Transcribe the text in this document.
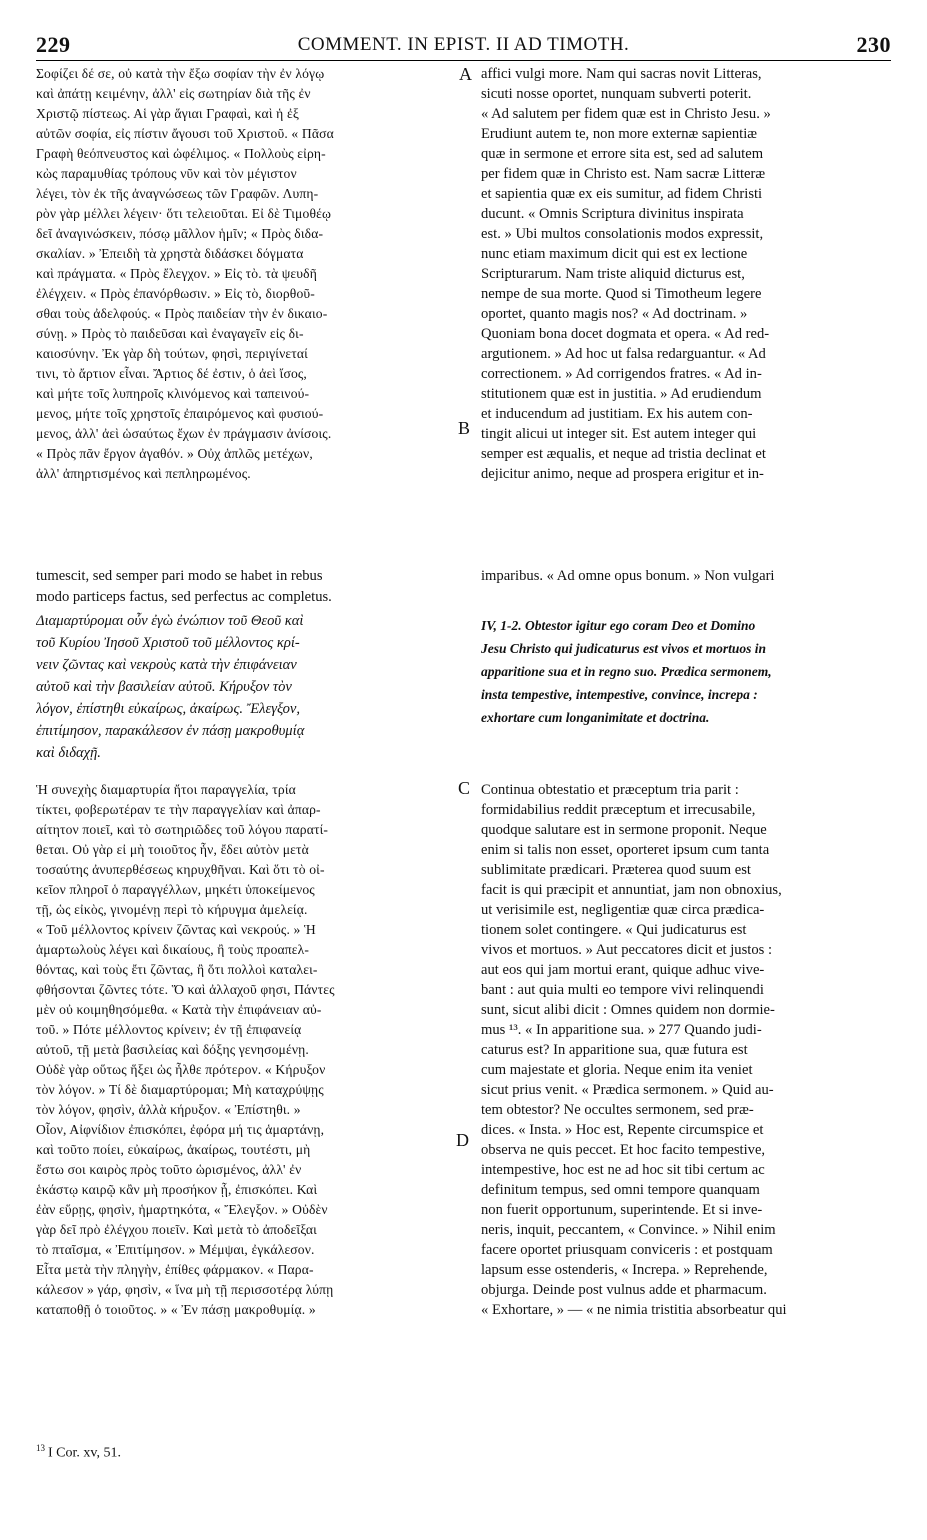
229	COMMENT. IN EPIST. II AD TIMOTH.	230
Σοφίζει δέ σε, οὐ κατὰ τὴν ἔξω σοφίαν τὴν ἐν λόγῳ
καὶ ἀπάτῃ κειμένην, ἀλλ' εἰς σωτηρίαν διὰ τῆς ἐν
Χριστῷ πίστεως. Αἱ γὰρ ἅγιαι Γραφαὶ, καὶ ἡ ἐξ
αὐτῶν σοφία, εἰς πίστιν ἄγουσι τοῦ Χριστοῦ. « Πᾶσα
Γραφὴ θεόπνευστος καὶ ὠφέλιμος. « Πολλοὺς εἰρη-
κὼς παραμυθίας τρόπους νῦν καὶ τὸν μέγιστον
λέγει, τὸν ἐκ τῆς ἀναγνώσεως τῶν Γραφῶν. Λυπη-
ρὸν γὰρ μέλλει λέγειν· ὅτι τελειοῦται. Εἰ δὲ Τιμοθέῳ
δεῖ ἀναγινώσκειν, πόσῳ μᾶλλον ἡμῖν; « Πρὸς διδα-
σκαλίαν. » Ἐπειδὴ τὰ χρηστὰ διδάσκει δόγματα
καὶ πράγματα. « Πρὸς ἔλεγχον. » Εἰς τὸ. τὰ ψευδῆ
ἐλέγχειν. « Πρὸς ἐπανόρθωσιν. » Εἰς τὸ, διορθοῦ-
σθαι τοὺς ἀδελφούς. « Πρὸς παιδείαν τὴν ἐν δικαιο-
σύνῃ. » Πρὸς τὸ παιδεῦσαι καὶ ἐναγαγεῖν εἰς δι-
καιοσύνην. Ἐκ γὰρ δὴ τούτων, φησὶ, περιγίνεταί
τινι, τὸ ἄρτιον εἶναι. Ἄρτιος δέ ἐστιν, ὁ ἀεὶ ἴσος,
καὶ μήτε τοῖς λυπηροῖς κλινόμενος καὶ ταπεινού-
μενος, μήτε τοῖς χρηστοῖς ἐπαιρόμενος καὶ φυσιού-
μενος, ἀλλ' ἀεὶ ὡσαύτως ἔχων ἐν πράγμασιν ἀνίσοις.
« Πρὸς πᾶν ἔργον ἀγαθόν. » Οὐχ ἁπλῶς μετέχων,
ἀλλ' ἀπηρτισμένος καὶ πεπληρωμένος.
affici vulgi more. Nam qui sacras novit Litteras,
sicuti nosse oportet, nunquam subverti poterit.
« Ad salutem per fidem quæ est in Christo Jesu. »
Erudiunt autem te, non more externæ sapientiæ
quæ in sermone et errore sita est, sed ad salutem
per fidem quæ in Christo est. Nam sacræ Litteræ
et sapientia quæ ex eis sumitur, ad fidem Christi
ducunt. « Omnis Scriptura divinitus inspirata
est. » Ubi multos consolationis modos expressit,
nunc etiam maximum dicit qui est ex lectione
Scripturarum. Nam triste aliquid dicturus est,
nempe de sua morte. Quod si Timotheum legere
oportet, quanto magis nos? « Ad doctrinam. »
Quoniam bona docet dogmata et opera. « Ad red-
argutionem. » Ad hoc ut falsa redarguantur. « Ad
correctionem. » Ad corrigendos fratres. « Ad in-
stitutionem quæ est in justitia. » Ad erudiendum
et inducendum ad justitiam. Ex his autem con-
tingit alicui ut integer sit. Est autem integer qui
semper est æqualis, et neque ad tristia declinat et
dejicitur animo, neque ad prospera erigitur et in-
tumescit, sed semper pari modo se habet in rebus	imparibus. « Ad omne opus bonum. » Non vulgari
modo particeps factus, sed perfectus ac completus.
Διαμαρτύρομαι οὖν ἐγὼ ἐνώπιον τοῦ Θεοῦ καὶ
τοῦ Κυρίου Ἰησοῦ Χριστοῦ τοῦ μέλλοντος κρί-
νειν ζῶντας καὶ νεκροὺς κατὰ τὴν ἐπιφάνειαν
αὐτοῦ καὶ τὴν βασιλείαν αὐτοῦ. Κήρυξον τὸν
λόγον, ἐπίστηθι εὐκαίρως, ἀκαίρως. Ἔλεγξον,
ἐπιτίμησον, παρακάλεσον ἐν πάσῃ μακροθυμίᾳ
καὶ διδαχῇ.
IV, 1-2. Obtestor igitur ego coram Deo et Domino
Jesu Christo qui judicaturus est vivos et mortuos in
apparitione sua et in regno suo. Prædica sermonem,
insta tempestive, intempestive, convince, increpa :
exhortare cum longanimitate et doctrina.
Ἡ συνεχὴς διαμαρτυρία ἤτοι παραγγελία, τρία
τίκτει, φοβερωτέραν τε τὴν παραγγελίαν καὶ ἀπαρ-
αίτητον ποιεῖ, καὶ τὸ σωτηριῶδες τοῦ λόγου παρατί-
θεται. Οὐ γὰρ εἰ μὴ τοιοῦτος ἦν, ἔδει αὐτὸν μετὰ
τοσαύτης ἀνυπερθέσεως κηρυχθῆναι. Καὶ ὅτι τὸ οἰ-
κεῖον πληροῖ ὁ παραγγέλλων, μηκέτι ὑποκείμενος
τῇ, ὡς εἰκὸς, γινομένῃ περὶ τὸ κήρυγμα ἀμελείᾳ.
« Τοῦ μέλλοντος κρίνειν ζῶντας καὶ νεκρούς. » Ἡ
ἁμαρτωλοὺς λέγει καὶ δικαίους, ἢ τοὺς προαπελ-
θόντας, καὶ τοὺς ἔτι ζῶντας, ἢ ὅτι πολλοὶ καταλει-
φθήσονται ζῶντες τότε. Ὅ καὶ ἀλλαχοῦ φησι, Πάντες
μὲν οὐ κοιμηθησόμεθα. « Κατὰ τὴν ἐπιφάνειαν αὐ-
τοῦ. » Πότε μέλλοντος κρίνειν; ἐν τῇ ἐπιφανείᾳ
αὐτοῦ, τῇ μετὰ βασιλείας καὶ δόξης γενησομένῃ.
Οὐδὲ γὰρ οὕτως ἥξει ὡς ἦλθε πρότερον. « Κήρυξον
τὸν λόγον. » Τί δὲ διαμαρτύρομαι; Μὴ καταχρύψῃς
τὸν λόγον, φησὶν, ἀλλὰ κήρυξον. « Ἐπίστηθι. »
Οἷον, Αἰφνίδιον ἐπισκόπει, ἐφόρα μή τις ἁμαρτάνῃ,
καὶ τοῦτο ποίει, εὐκαίρως, ἀκαίρως, τουτέστι, μὴ
ἔστω σοι καιρὸς πρὸς τοῦτο ὡρισμένος, ἀλλ' ἐν
ἑκάστῳ καιρῷ κἂν μὴ προσήκον ᾖ, ἐπισκόπει. Καὶ
ἐὰν εὕρῃς, φησὶν, ἡμαρτηκότα, « Ἔλεγξον. » Οὐδὲν
γὰρ δεῖ πρὸ ἐλέγχου ποιεῖν. Καὶ μετὰ τὸ ἀποδεῖξαι
τὸ πταῖσμα, « Ἐπιτίμησον. » Μέμψαι, ἐγκάλεσον.
Εἶτα μετὰ τὴν πληγὴν, ἐπίθες φάρμακον. « Παρα-
κάλεσον » γάρ, φησὶν, « ἵνα μὴ τῇ περισσοτέρᾳ λύπῃ
καταποθῇ ὁ τοιοῦτος. » « Ἐν πάσῃ μακροθυμίᾳ. »
Continua obtestatio et præceptum tria parit :
formidabilius reddit præceptum et irrecusabile,
quodque salutare est in sermone proponit. Neque
enim si talis non esset, oporteret ipsum cum tanta
sublimitate prædicari. Præterea quod suum est
facit is qui præcipit et annuntiat, jam non obnoxius,
ut verisimile est, negligentiæ quæ circa prædica-
tionem solet contingere. « Qui judicaturus est
vivos et mortuos. » Aut peccatores dicit et justos :
aut eos qui jam mortui erant, quique adhuc vive-
bant : aut quia multi eo tempore vivi relinquendi
sunt, sicut alibi dicit : Omnes quidem non dormie-
mus ¹³. « In apparitione sua. » 277 Quando judi-
caturus est? In apparitione sua, quæ futura est
cum majestate et gloria. Neque enim ita veniet
sicut prius venit. « Prædica sermonem. » Quid au-
tem obtestor? Ne occultes sermonem, sed præ-
dices. « Insta. » Hoc est, Repente circumspice et
observa ne quis peccet. Et hoc facito tempestive,
intempestive, hoc est ne ad hoc sit tibi certum ac
definitum tempus, sed omni tempore quanquam
non fuerit opportunum, superintende. Et si inve-
neris, inquit, peccantem, « Convince. » Nihil enim
facere oportet priusquam conviceris : et postquam
lapsum esse ostenderis, « Increpa. » Reprehende,
objurga. Deinde post vulnus adde et pharmacum.
« Exhortare, » — « ne nimia tristitia absorbeatur qui
A
B
C
D
$^{13}$ I Cor. xv, 51.
